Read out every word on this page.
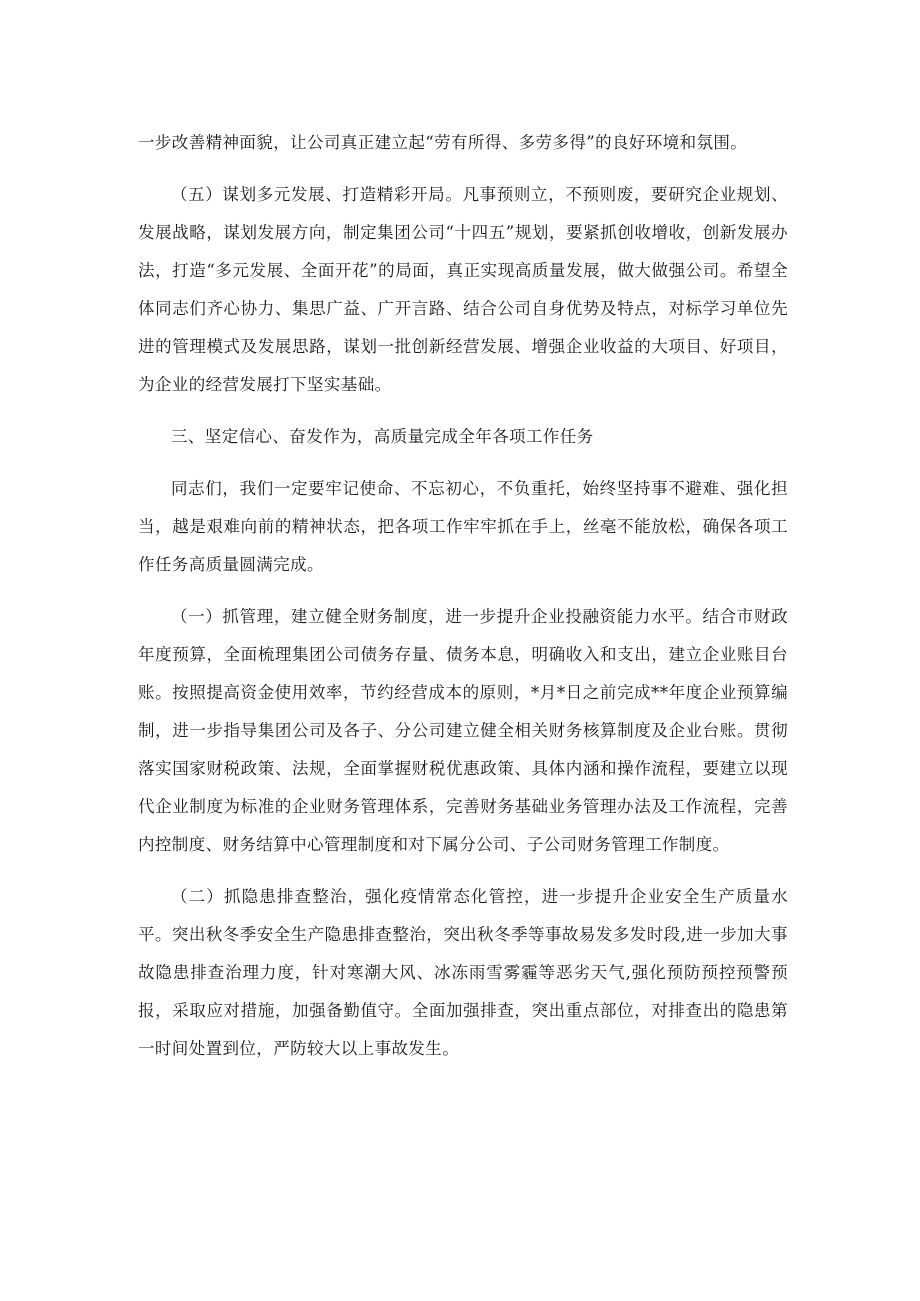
一步改善精神面貌，让公司真正建立起“劳有所得、多劳多得”的良好环境和氛围。

（五）谋划多元发展、打造精彩开局。凡事预则立，不预则废，要研究企业规划、发展战略，谋划发展方向，制定集团公司“十四五”规划，要紧抓创收增收，创新发展办法，打造“多元发展、全面开花”的局面，真正实现高质量发展，做大做强公司。希望全体同志们齐心协力、集思广益、广开言路、结合公司自身优势及特点，对标学习单位先进的管理模式及发展思路，谋划一批创新经营发展、增强企业收益的大项目、好项目，为企业的经营发展打下坚实基础。

三、坚定信心、奋发作为，高质量完成全年各项工作任务

同志们，我们一定要牢记使命、不忘初心，不负重托，始终坚持事不避难、强化担当，越是艰难向前的精神状态，把各项工作牢牢抓在手上，丝毫不能放松，确保各项工作任务高质量圆满完成。

（一）抓管理，建立健全财务制度，进一步提升企业投融资能力水平。结合市财政年度预算，全面梳理集团公司债务存量、债务本息，明确收入和支出，建立企业账目台账。按照提高资金使用效率，节约经营成本的原则，*月*日之前完成**年度企业预算编制，进一步指导集团公司及各子、分公司建立健全相关财务核算制度及企业台账。贯彻落实国家财税政策、法规，全面掌握财税优惠政策、具体内涵和操作流程，要建立以现代企业制度为标准的企业财务管理体系，完善财务基础业务管理办法及工作流程，完善内控制度、财务结算中心管理制度和对下属分公司、子公司财务管理工作制度。

（二）抓隐患排查整治，强化疫情常态化管控，进一步提升企业安全生产质量水平。突出秋冬季安全生产隐患排查整治，突出秋冬季等事故易发多发时段,进一步加大事故隐患排查治理力度，针对寒潮大风、冰冻雨雪雾霾等恶劣天气,强化预防预控预警预报，采取应对措施，加强备勤值守。全面加强排查，突出重点部位，对排查出的隐患第一时间处置到位，严防较大以上事故发生。
